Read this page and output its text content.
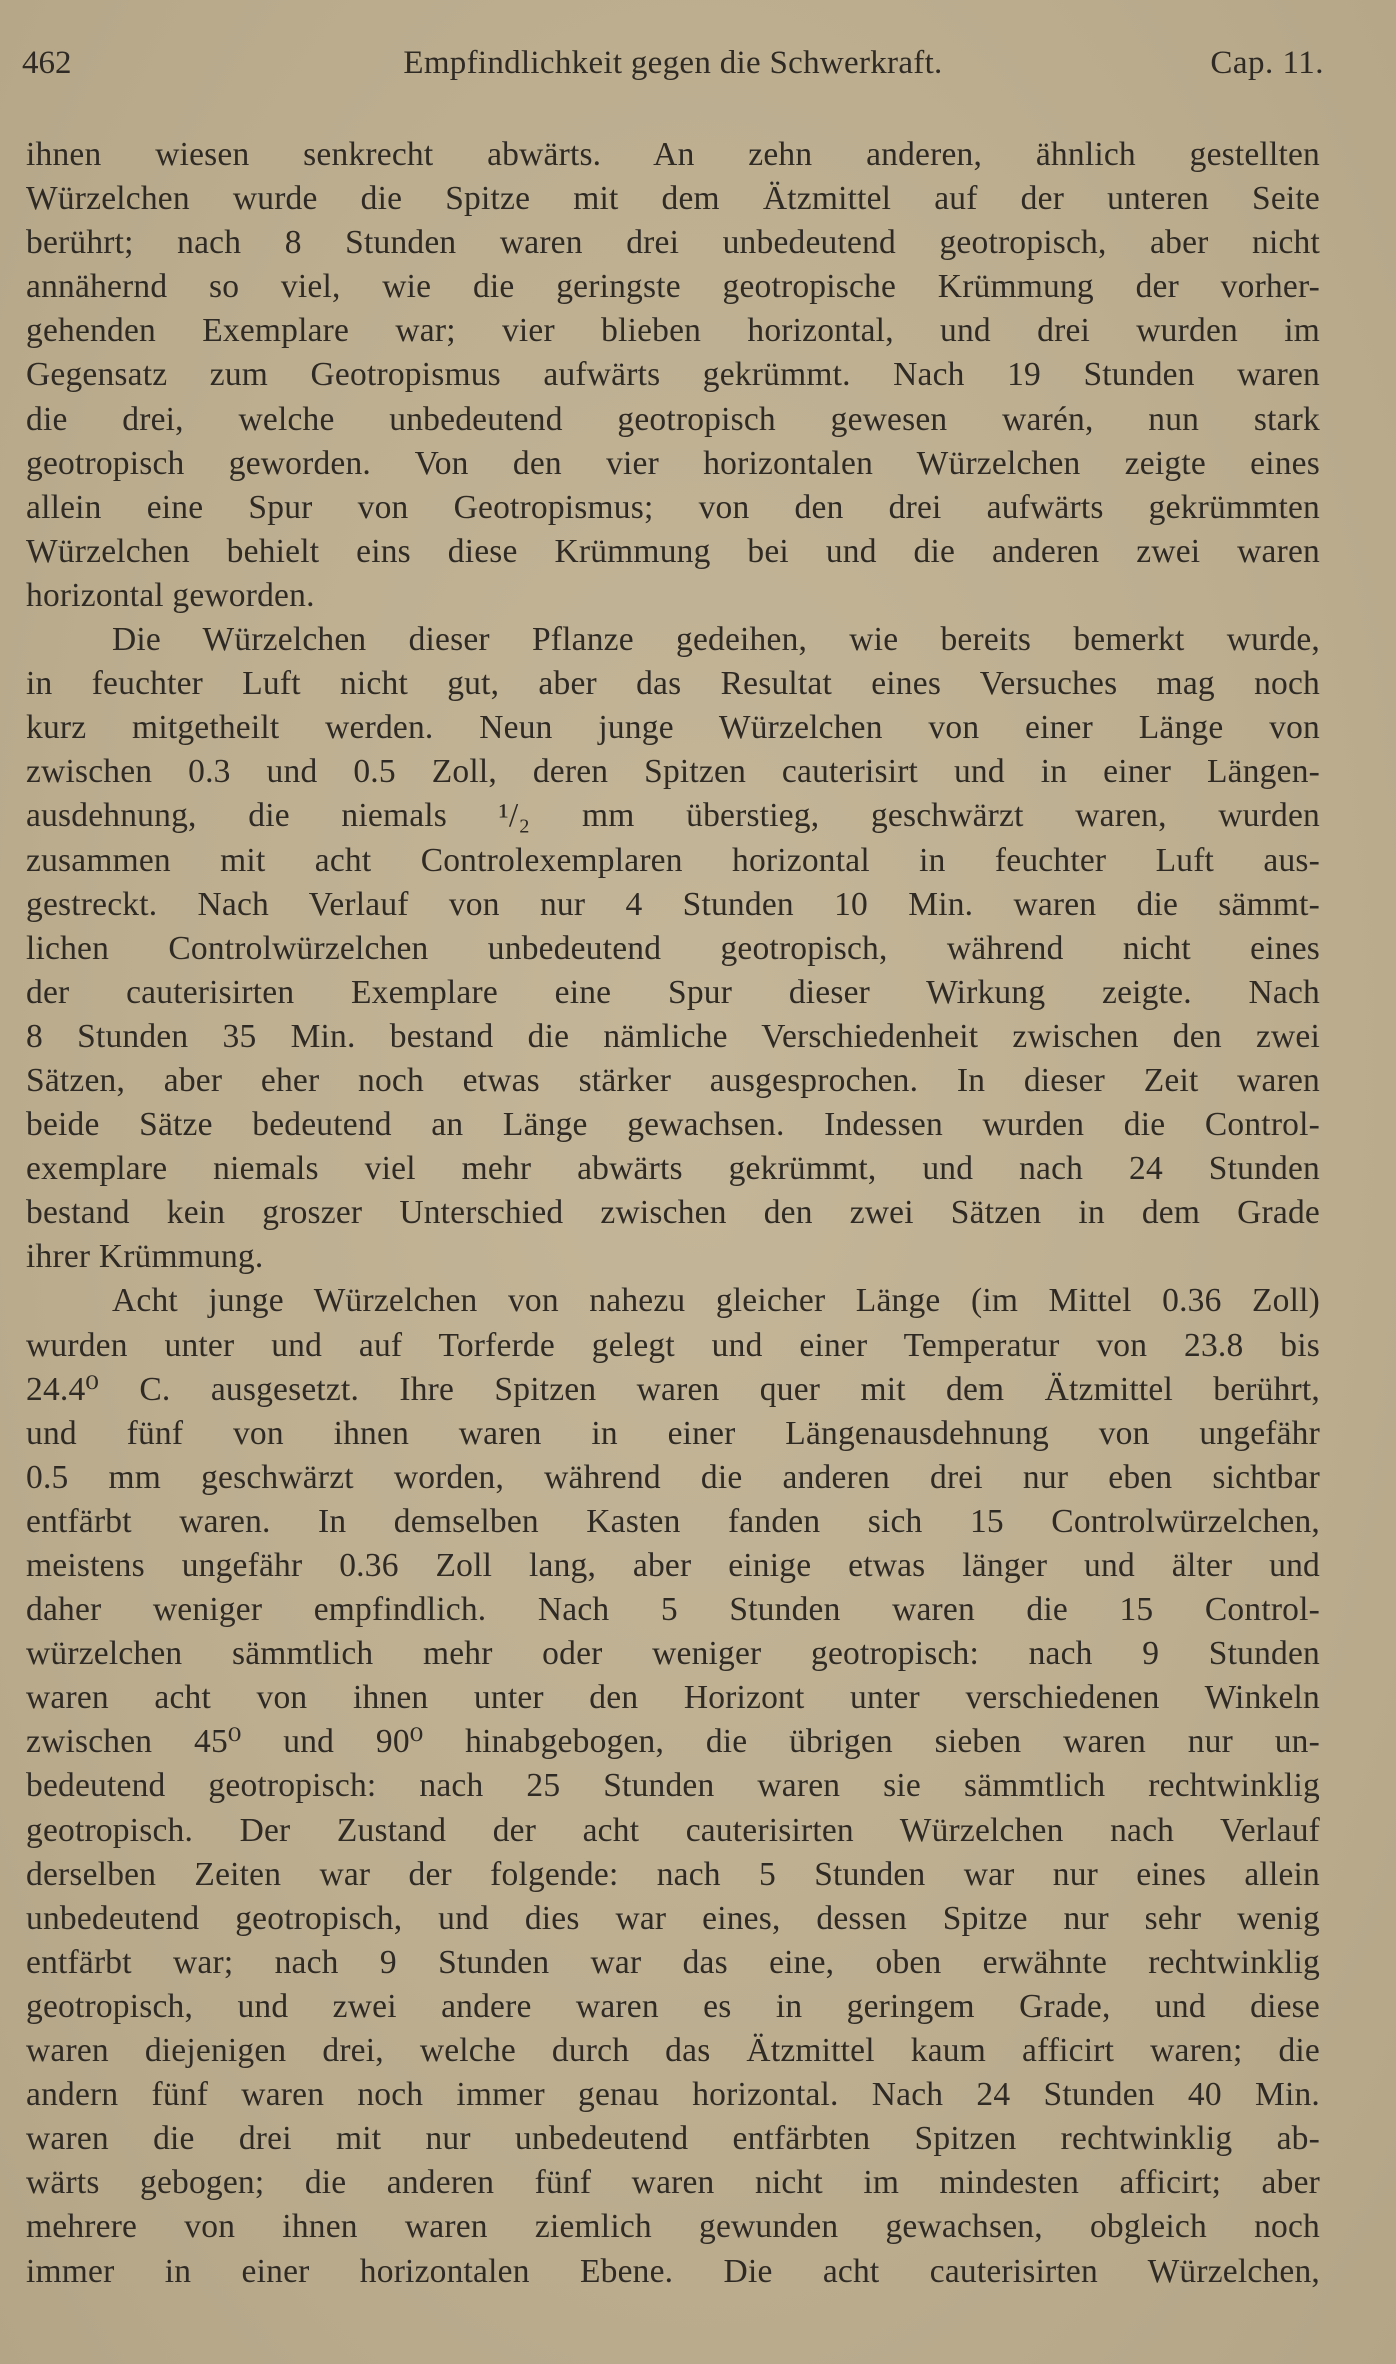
462	Empfindlichkeit gegen die Schwerkraft.	Cap. 11.
ihnen wiesen senkrecht abwärts. An zehn anderen, ähnlich gestellten
Würzelchen wurde die Spitze mit dem Ätzmittel auf der unteren Seite
berührt; nach 8 Stunden waren drei unbedeutend geotropisch, aber nicht
annähernd so viel, wie die geringste geotropische Krümmung der vorher-
gehenden Exemplare war; vier blieben horizontal, und drei wurden im
Gegensatz zum Geotropismus aufwärts gekrümmt. Nach 19 Stunden waren
die drei, welche unbedeutend geotropisch gewesen warén, nun stark
geotropisch geworden. Von den vier horizontalen Würzelchen zeigte eines
allein eine Spur von Geotropismus; von den drei aufwärts gekrümmten
Würzelchen behielt eins diese Krümmung bei und die anderen zwei waren
horizontal geworden.
Die Würzelchen dieser Pflanze gedeihen, wie bereits bemerkt wurde,
in feuchter Luft nicht gut, aber das Resultat eines Versuches mag noch
kurz mitgetheilt werden. Neun junge Würzelchen von einer Länge von
zwischen 0.3 und 0.5 Zoll, deren Spitzen cauterisirt und in einer Längen-
ausdehnung, die niemals ¹/₂ mm überstieg, geschwärzt waren, wurden
zusammen mit acht Controlexemplaren horizontal in feuchter Luft aus-
gestreckt. Nach Verlauf von nur 4 Stunden 10 Min. waren die sämmt-
lichen Controlwürzelchen unbedeutend geotropisch, während nicht eines
der cauterisirten Exemplare eine Spur dieser Wirkung zeigte. Nach
8 Stunden 35 Min. bestand die nämliche Verschiedenheit zwischen den zwei
Sätzen, aber eher noch etwas stärker ausgesprochen. In dieser Zeit waren
beide Sätze bedeutend an Länge gewachsen. Indessen wurden die Control-
exemplare niemals viel mehr abwärts gekrümmt, und nach 24 Stunden
bestand kein groszer Unterschied zwischen den zwei Sätzen in dem Grade
ihrer Krümmung.
Acht junge Würzelchen von nahezu gleicher Länge (im Mittel 0.36 Zoll)
wurden unter und auf Torferde gelegt und einer Temperatur von 23.8 bis
24.4⁰ C. ausgesetzt. Ihre Spitzen waren quer mit dem Ätzmittel berührt,
und fünf von ihnen waren in einer Längenausdehnung von ungefähr
0.5 mm geschwärzt worden, während die anderen drei nur eben sichtbar
entfärbt waren. In demselben Kasten fanden sich 15 Controlwürzelchen,
meistens ungefähr 0.36 Zoll lang, aber einige etwas länger und älter und
daher weniger empfindlich. Nach 5 Stunden waren die 15 Control-
würzelchen sämmtlich mehr oder weniger geotropisch: nach 9 Stunden
waren acht von ihnen unter den Horizont unter verschiedenen Winkeln
zwischen 45⁰ und 90⁰ hinabgebogen, die übrigen sieben waren nur un-
bedeutend geotropisch: nach 25 Stunden waren sie sämmtlich rechtwinklig
geotropisch. Der Zustand der acht cauterisirten Würzelchen nach Verlauf
derselben Zeiten war der folgende: nach 5 Stunden war nur eines allein
unbedeutend geotropisch, und dies war eines, dessen Spitze nur sehr wenig
entfärbt war; nach 9 Stunden war das eine, oben erwähnte rechtwinklig
geotropisch, und zwei andere waren es in geringem Grade, und diese
waren diejenigen drei, welche durch das Ätzmittel kaum afficirt waren; die
andern fünf waren noch immer genau horizontal. Nach 24 Stunden 40 Min.
waren die drei mit nur unbedeutend entfärbten Spitzen rechtwinklig ab-
wärts gebogen; die anderen fünf waren nicht im mindesten afficirt; aber
mehrere von ihnen waren ziemlich gewunden gewachsen, obgleich noch
immer in einer horizontalen Ebene. Die acht cauterisirten Würzelchen,
